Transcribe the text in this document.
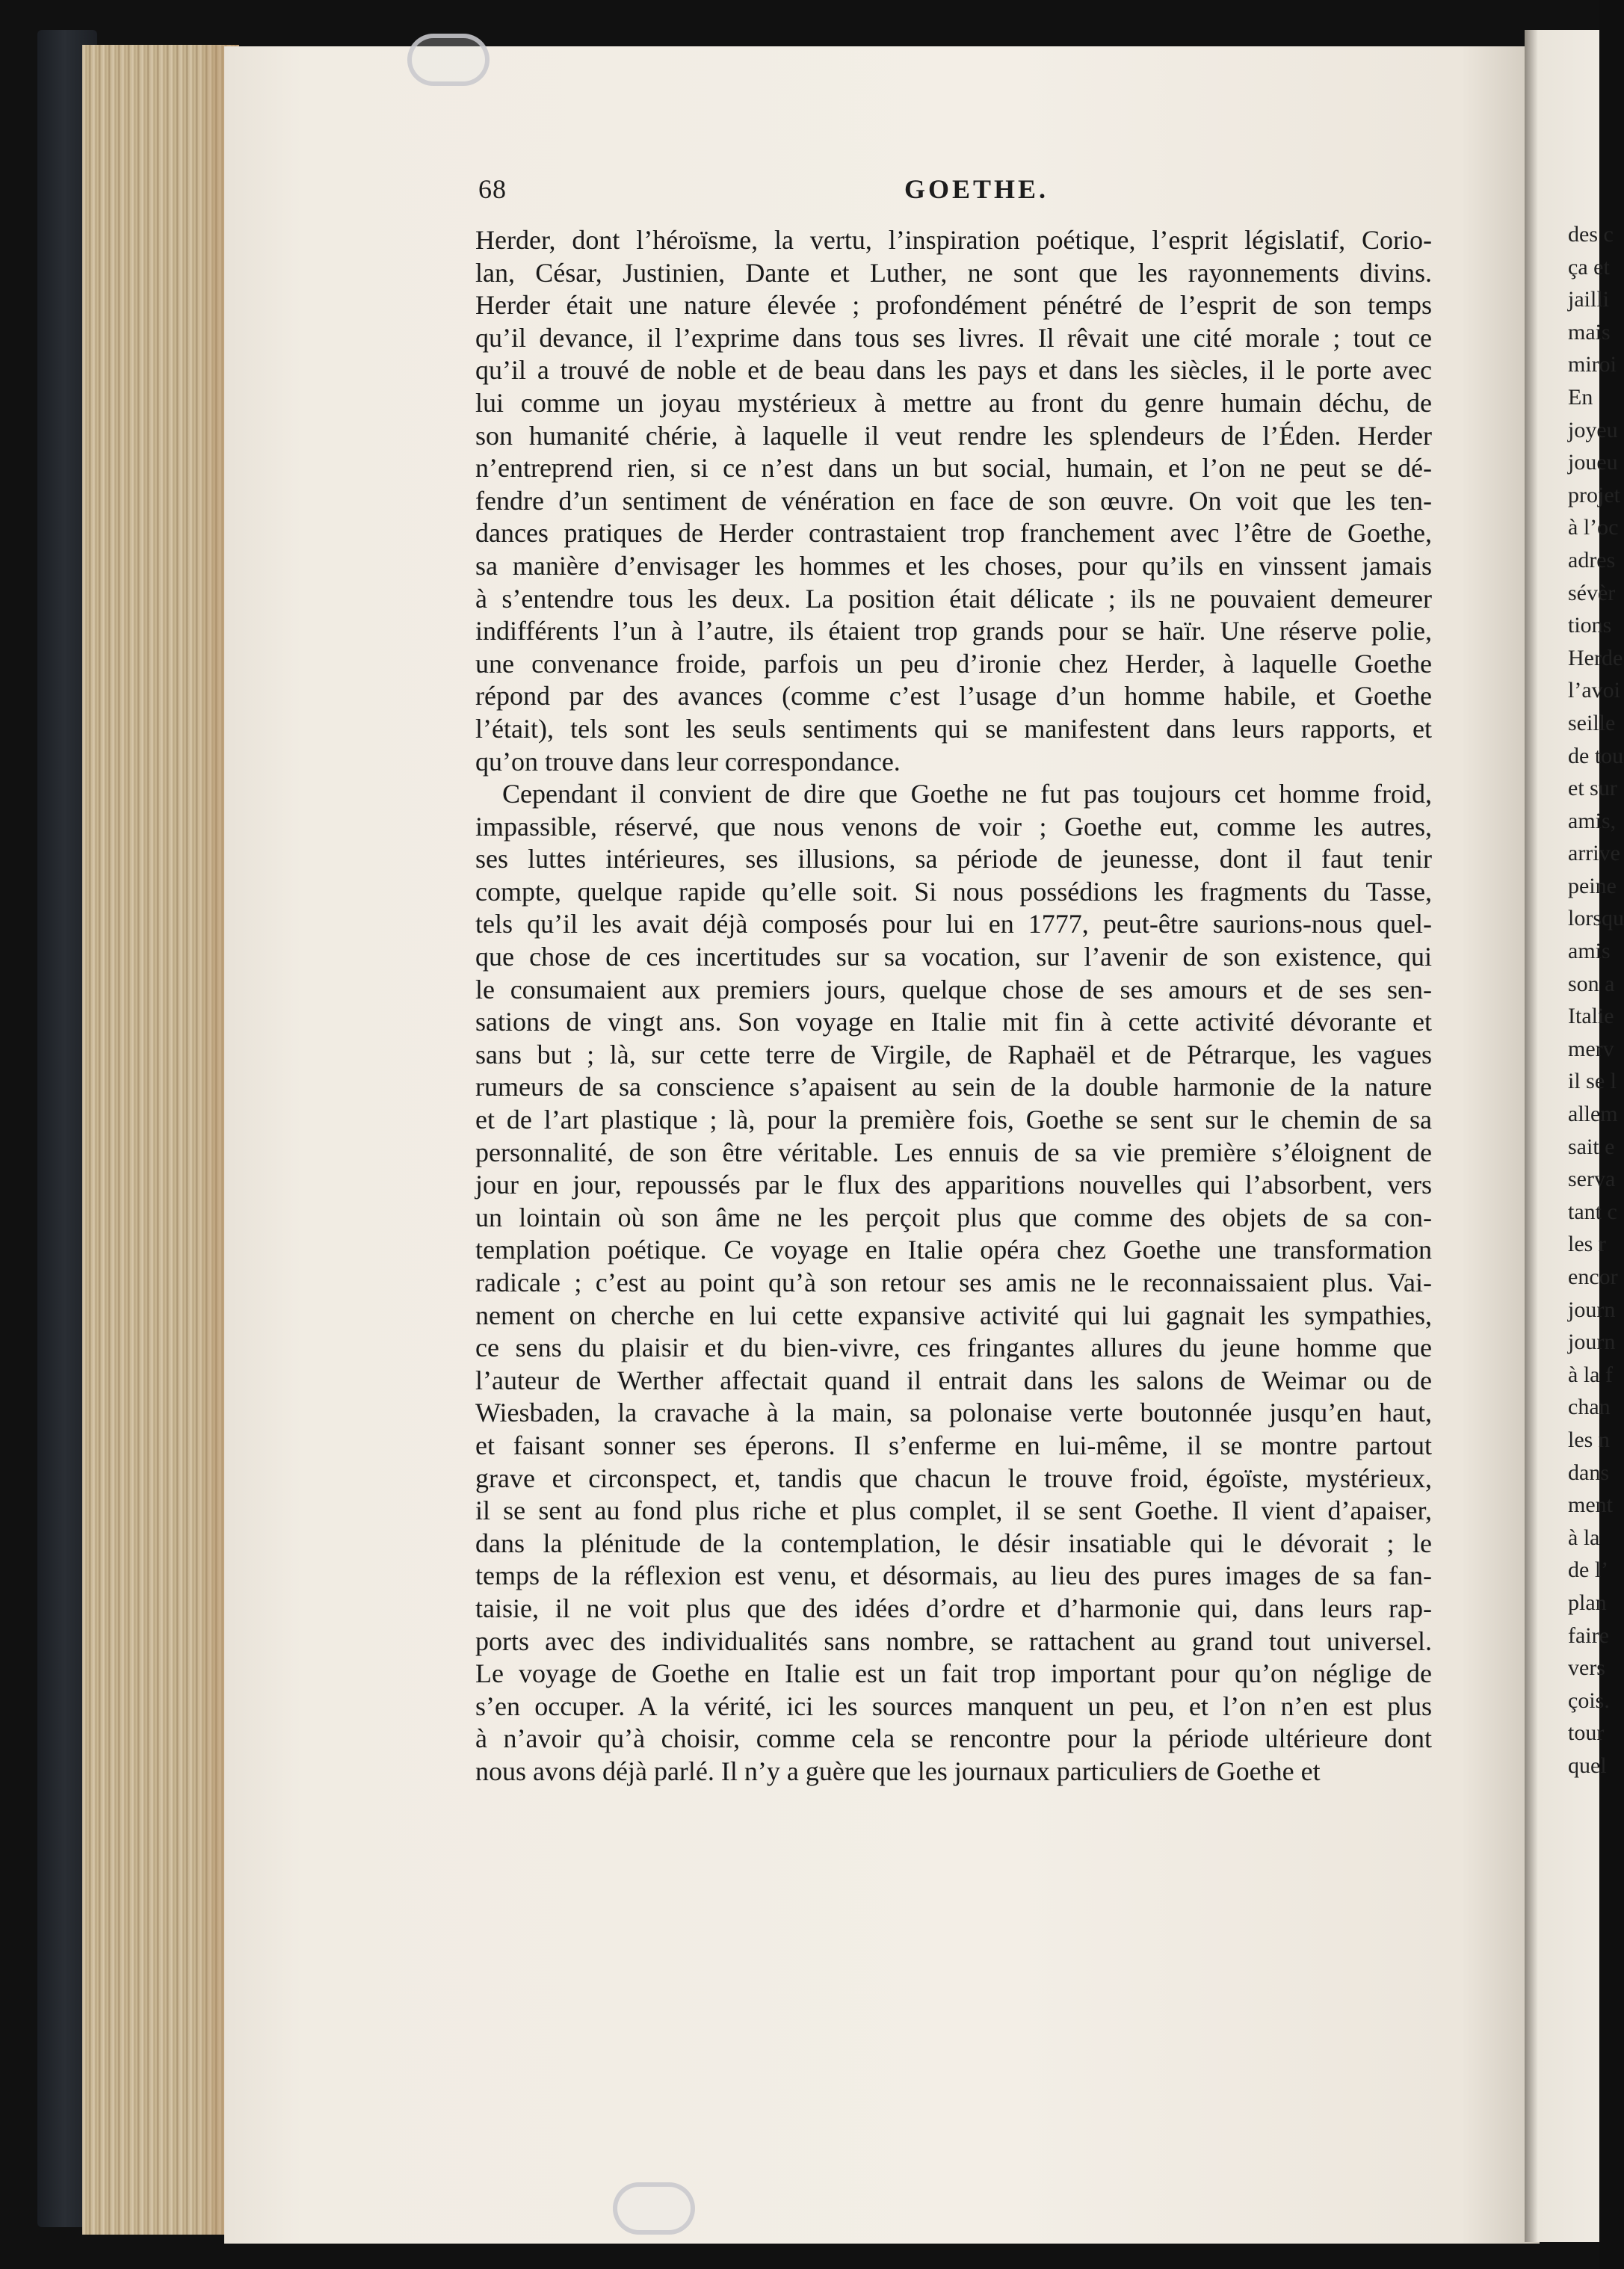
68	GOETHE.
Herder, dont l’héroïsme, la vertu, l’inspiration poétique, l’esprit législatif, Corio-
lan, César, Justinien, Dante et Luther, ne sont que les rayonnements divins.
Herder était une nature élevée ; profondément pénétré de l’esprit de son temps
qu’il devance, il l’exprime dans tous ses livres. Il rêvait une cité morale ; tout ce
qu’il a trouvé de noble et de beau dans les pays et dans les siècles, il le porte avec
lui comme un joyau mystérieux à mettre au front du genre humain déchu, de
son humanité chérie, à laquelle il veut rendre les splendeurs de l’Éden. Herder
n’entreprend rien, si ce n’est dans un but social, humain, et l’on ne peut se dé-
fendre d’un sentiment de vénération en face de son œuvre. On voit que les ten-
dances pratiques de Herder contrastaient trop franchement avec l’être de Goethe,
sa manière d’envisager les hommes et les choses, pour qu’ils en vinssent jamais
à s’entendre tous les deux. La position était délicate ; ils ne pouvaient demeurer
indifférents l’un à l’autre, ils étaient trop grands pour se haïr. Une réserve polie,
une convenance froide, parfois un peu d’ironie chez Herder, à laquelle Goethe
répond par des avances (comme c’est l’usage d’un homme habile, et Goethe
l’était), tels sont les seuls sentiments qui se manifestent dans leurs rapports, et
qu’on trouve dans leur correspondance.
Cependant il convient de dire que Goethe ne fut pas toujours cet homme froid,
impassible, réservé, que nous venons de voir ; Goethe eut, comme les autres,
ses luttes intérieures, ses illusions, sa période de jeunesse, dont il faut tenir
compte, quelque rapide qu’elle soit. Si nous possédions les fragments du Tasse,
tels qu’il les avait déjà composés pour lui en 1777, peut-être saurions-nous quel-
que chose de ces incertitudes sur sa vocation, sur l’avenir de son existence, qui
le consumaient aux premiers jours, quelque chose de ses amours et de ses sen-
sations de vingt ans. Son voyage en Italie mit fin à cette activité dévorante et
sans but ; là, sur cette terre de Virgile, de Raphaël et de Pétrarque, les vagues
rumeurs de sa conscience s’apaisent au sein de la double harmonie de la nature
et de l’art plastique ; là, pour la première fois, Goethe se sent sur le chemin de sa
personnalité, de son être véritable. Les ennuis de sa vie première s’éloignent de
jour en jour, repoussés par le flux des apparitions nouvelles qui l’absorbent, vers
un lointain où son âme ne les perçoit plus que comme des objets de sa con-
templation poétique. Ce voyage en Italie opéra chez Goethe une transformation
radicale ; c’est au point qu’à son retour ses amis ne le reconnaissaient plus. Vai-
nement on cherche en lui cette expansive activité qui lui gagnait les sympathies,
ce sens du plaisir et du bien-vivre, ces fringantes allures du jeune homme que
l’auteur de Werther affectait quand il entrait dans les salons de Weimar ou de
Wiesbaden, la cravache à la main, sa polonaise verte boutonnée jusqu’en haut,
et faisant sonner ses éperons. Il s’enferme en lui-même, il se montre partout
grave et circonspect, et, tandis que chacun le trouve froid, égoïste, mystérieux,
il se sent au fond plus riche et plus complet, il se sent Goethe. Il vient d’apaiser,
dans la plénitude de la contemplation, le désir insatiable qui le dévorait ; le
temps de la réflexion est venu, et désormais, au lieu des pures images de sa fan-
taisie, il ne voit plus que des idées d’ordre et d’harmonie qui, dans leurs rap-
ports avec des individualités sans nombre, se rattachent au grand tout universel.
Le voyage de Goethe en Italie est un fait trop important pour qu’on néglige de
s’en occuper. A la vérité, ici les sources manquent un peu, et l’on n’en est plus
à n’avoir qu’à choisir, comme cela se rencontre pour la période ultérieure dont
nous avons déjà parlé. Il n’y a guère que les journaux particuliers de Goethe et
des c
ça et
jailli
mais
miroi
En
joyeu
joueu
projet
à l’oc
adres
sévèr
tions
Herde
l’avoi
seille
de tou
et sur
amis,
arrive
peine
lorsqu
amis
son a
Italie
merv
il se l
allem
sait e
serva
tant c
les r
encor
journ
journ
à la f
chan
les n
dans
ment
à la
de l’
plan
faire
vers
çois.
tour
quel
